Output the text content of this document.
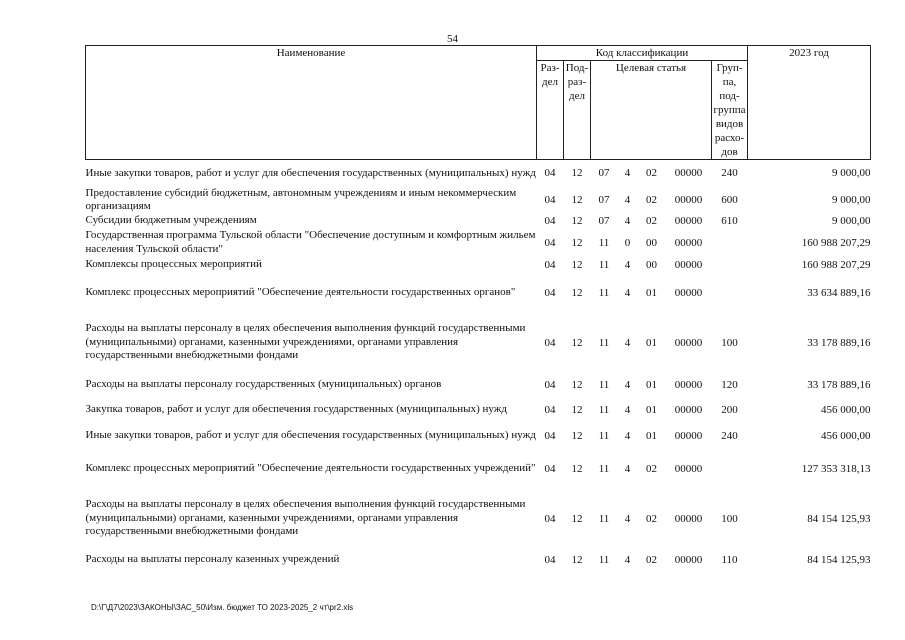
54
Наименование	Код классификации							2023 год
	Раз-дел	Под-раз-дел	Целевая статья				Груп-па, под-группа видов расхо-дов	
Иные закупки товаров, работ и услуг для обеспечения государственных (муниципальных) нужд	04	12	07	4	02	00000	240	9 000,00
Предоставление субсидий бюджетным, автономным учреждениям и иным некоммерческим организациям	04	12	07	4	02	00000	600	9 000,00
Субсидии бюджетным учреждениям	04	12	07	4	02	00000	610	9 000,00
Государственная программа Тульской области "Обеспечение доступным и комфортным жильем населения Тульской области"	04	12	11	0	00	00000		160 988 207,29
Комплексы процессных мероприятий	04	12	11	4	00	00000		160 988 207,29
Комплекс процессных мероприятий "Обеспечение деятельности государственных органов"	04	12	11	4	01	00000		33 634 889,16
Расходы на выплаты персоналу в целях обеспечения выполнения функций государственными (муниципальными) органами, казенными учреждениями, органами управления государственными внебюджетными фондами	04	12	11	4	01	00000	100	33 178 889,16
Расходы на выплаты персоналу государственных (муниципальных) органов	04	12	11	4	01	00000	120	33 178 889,16
Закупка товаров, работ и услуг для обеспечения государственных (муниципальных) нужд	04	12	11	4	01	00000	200	456 000,00
Иные закупки товаров, работ и услуг для обеспечения государственных (муниципальных) нужд	04	12	11	4	01	00000	240	456 000,00
Комплекс процессных мероприятий "Обеспечение деятельности государственных учреждений"	04	12	11	4	02	00000		127 353 318,13
Расходы на выплаты персоналу в целях обеспечения выполнения функций государственными (муниципальными) органами, казенными учреждениями, органами управления государственными внебюджетными фондами	04	12	11	4	02	00000	100	84 154 125,93
Расходы на выплаты персоналу казенных учреждений	04	12	11	4	02	00000	110	84 154 125,93
D:\Г\Д7\2023\ЗАКОНЫ\ЗАС_50\Изм. бюджет ТО 2023-2025_2 чт\pr2.xls
